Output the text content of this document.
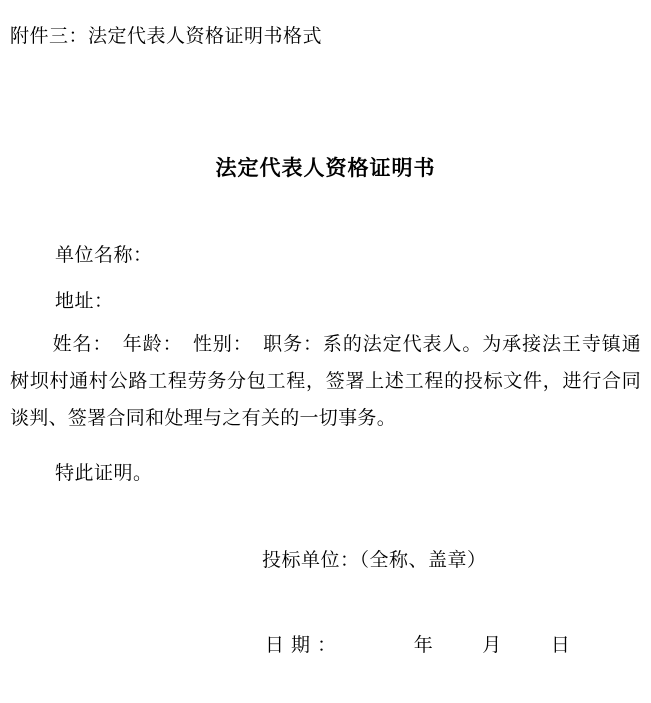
附件三：法定代表人资格证明书格式
法定代表人资格证明书
单位名称：
地址：
姓名：　年龄：　性别：　职务：系的法定代表人。为承接法王寺镇通树坝村通村公路工程劳务分包工程，签署上述工程的投标文件，进行合同谈判、签署合同和处理与之有关的一切事务。
特此证明。
投标单位：（全称、盖章）
日 期 ：	年	月	日
